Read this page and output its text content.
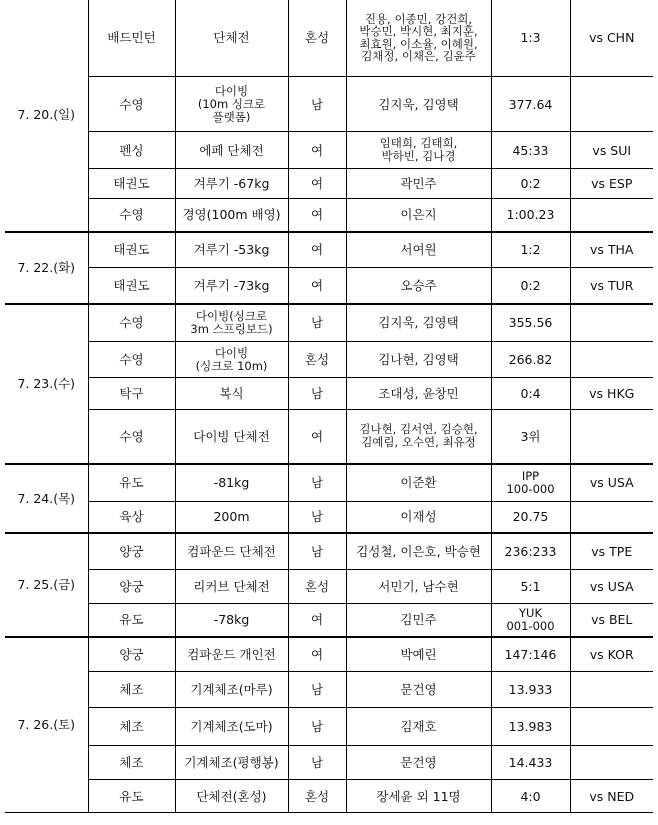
7. 20.(일)	배드민턴	단체전	혼성	진용, 이종민, 강건희,
박승민, 박시현, 최지훈,
최효원, 이소율, 이혜원,
김채정, 이채은, 김윤주	1:3	vs CHN
	수영	다이빙
(10m 싱크로
플랫폼)	남	김지욱, 김영택	377.64	
	펜싱	에페 단체전	여	임태희, 김태희,
박하빈, 김나경	45:33	vs SUI
	태권도	겨루기 -67kg	여	곽민주	0:2	vs ESP
	수영	경영(100m 배영)	여	이은지	1:00.23	
7. 22.(화)	태권도	겨루기 -53kg	여	서여원	1:2	vs THA
	태권도	겨루기 -73kg	여	오승주	0:2	vs TUR
7. 23.(수)	수영	다이빙(싱크로
3m 스프링보드)	남	김지욱, 김영택	355.56	
	수영	다이빙
(싱크로 10m)	혼성	김나현, 김영택	266.82	
	탁구	복식	남	조대성, 윤창민	0:4	vs HKG
	수영	다이빙 단체전	여	김나현, 김서연, 김승현,
김예림, 오수연, 최유정	3위	
7. 24.(목)	유도	-81kg	남	이준환	IPP
100-000	vs USA
	육상	200m	남	이재성	20.75	
7. 25.(금)	양궁	컴파운드 단체전	남	김성철, 이은호, 박승현	236:233	vs TPE
	양궁	리커브 단체전	혼성	서민기, 남수현	5:1	vs USA
	유도	-78kg	여	김민주	YUK
001-000	vs BEL
7. 26.(토)	양궁	컴파운드 개인전	여	박예린	147:146	vs KOR
	체조	기계체조(마루)	남	문건영	13.933	
	체조	기계체조(도마)	남	김재호	13.983	
	체조	기계체조(평행봉)	남	문건영	14.433	
	유도	단체전(혼성)	혼성	장세윤 외 11명	4:0	vs NED
